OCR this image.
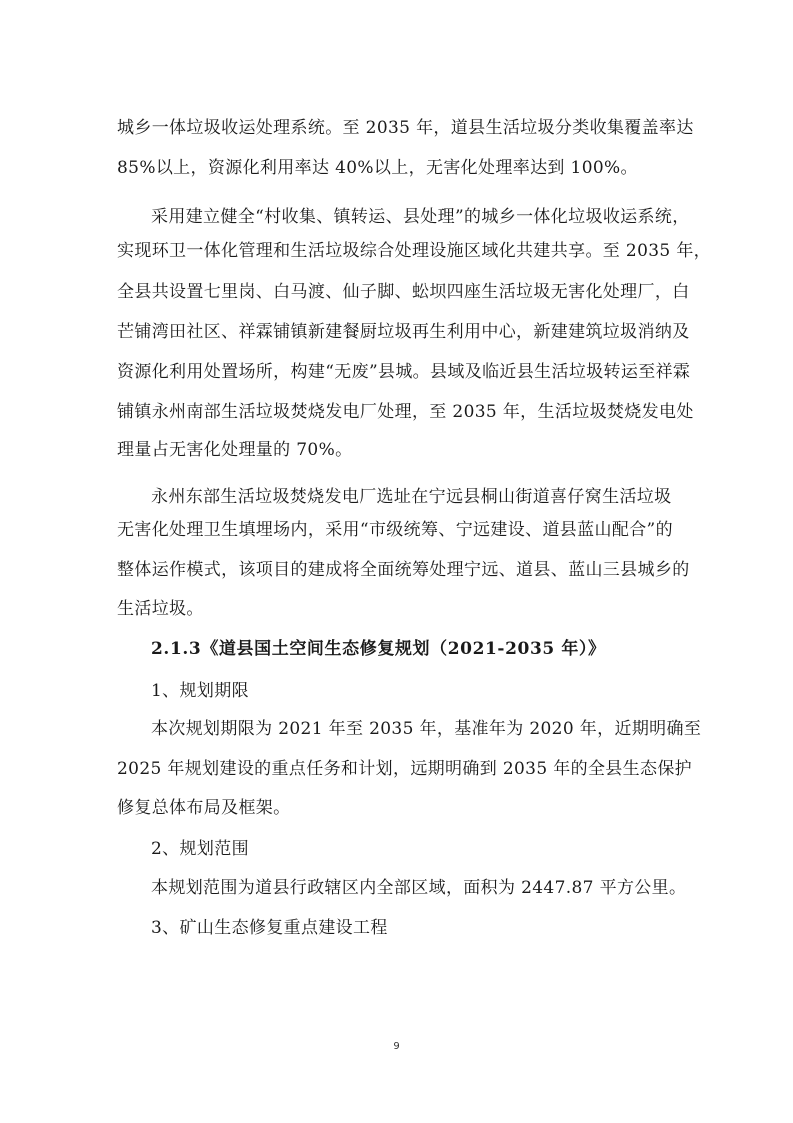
城乡一体垃圾收运处理系统。至 2035 年，道县生活垃圾分类收集覆盖率达
85%以上，资源化利用率达 40%以上，无害化处理率达到 100%。
采用建立健全“村收集、镇转运、县处理”的城乡一体化垃圾收运系统，
实现环卫一体化管理和生活垃圾综合处理设施区域化共建共享。至 2035 年，
全县共设置七里岗、白马渡、仙子脚、蚣坝四座生活垃圾无害化处理厂，白
芒铺湾田社区、祥霖铺镇新建餐厨垃圾再生利用中心，新建建筑垃圾消纳及
资源化利用处置场所，构建“无废”县城。县域及临近县生活垃圾转运至祥霖
铺镇永州南部生活垃圾焚烧发电厂处理，至 2035 年，生活垃圾焚烧发电处
理量占无害化处理量的 70%。
永州东部生活垃圾焚烧发电厂选址在宁远县桐山街道喜仔窝生活垃圾
无害化处理卫生填埋场内，采用“市级统筹、宁远建设、道县蓝山配合”的
整体运作模式，该项目的建成将全面统筹处理宁远、道县、蓝山三县城乡的
生活垃圾。
2.1.3《道县国土空间生态修复规划（2021-2035 年）》
1、规划期限
本次规划期限为 2021 年至 2035 年，基准年为 2020 年，近期明确至
2025 年规划建设的重点任务和计划，远期明确到 2035 年的全县生态保护
修复总体布局及框架。
2、规划范围
本规划范围为道县行政辖区内全部区域，面积为 2447.87 平方公里。
3、矿山生态修复重点建设工程
9
